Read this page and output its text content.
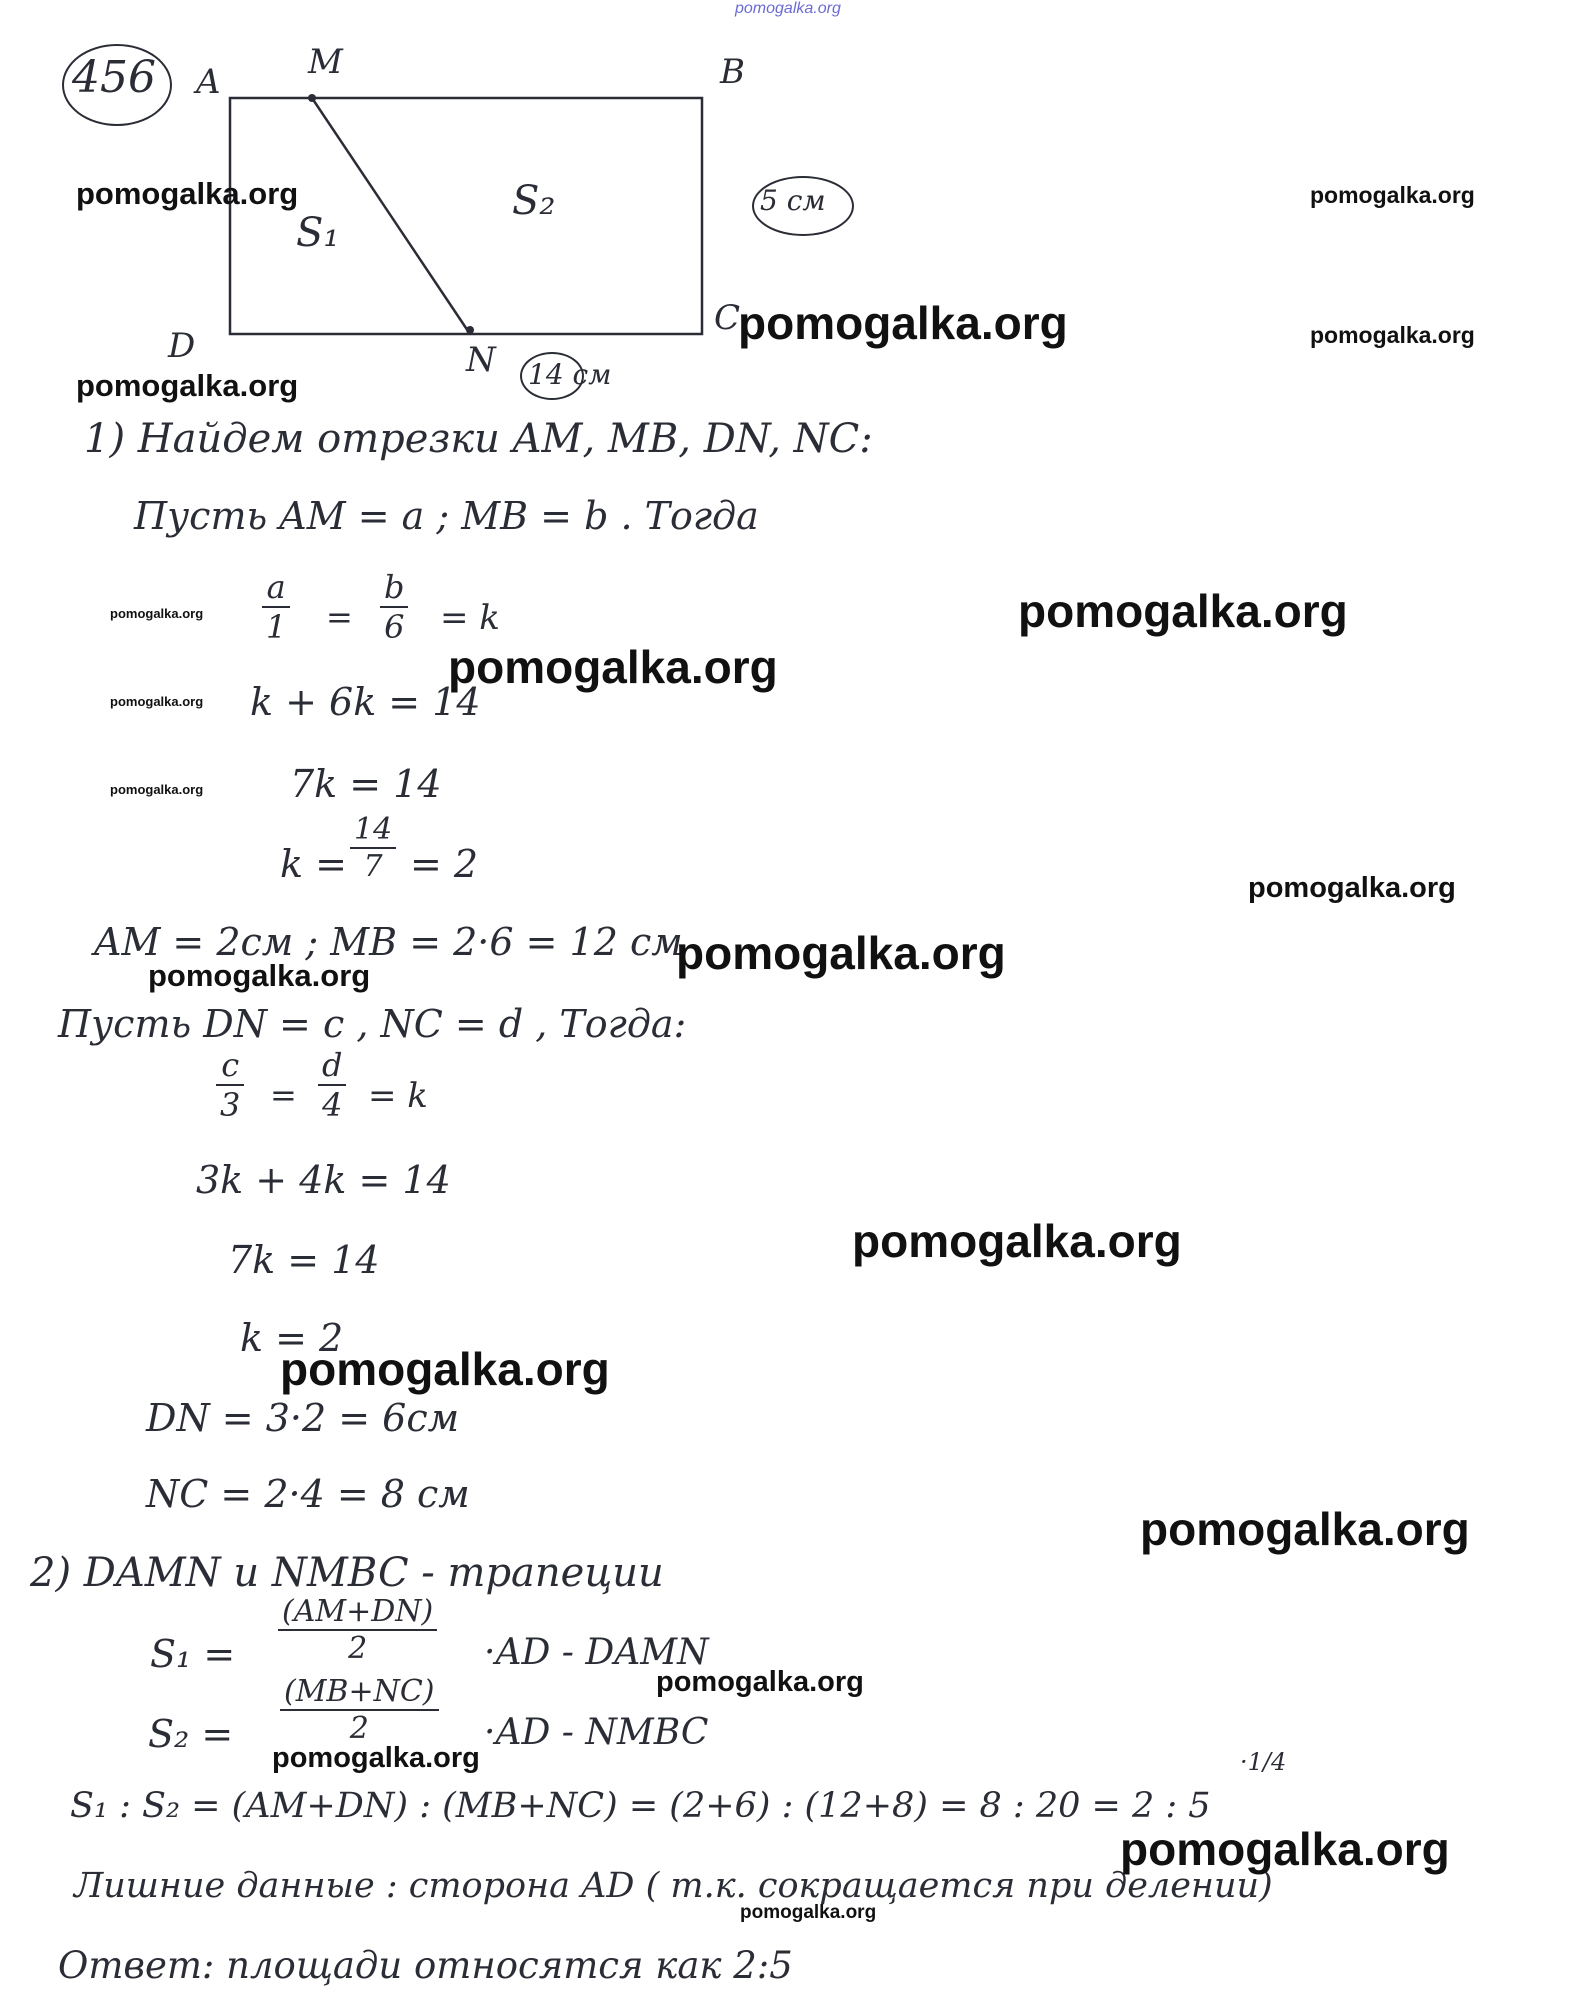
pomogalka.org
456 A	M	B
C
D	N
S₁
S₂	5 см
14 см
1) Найдем отрезки AM, MB, DN, NC:
Пусть AM = a ; MB = b . Тогда
$\frac{a}{1} = \frac{b}{6} = k$
k + 6k = 14
7k = 14
$k = \frac{14}{7} = 2$
AM = 2см ; MB = 2·6 = 12 см
Пусть DN = c , NC = d , Тогда:
$\frac{c}{3} = \frac{d}{4} = k$
3k + 4k = 14
7k = 14
k = 2
DN = 3·2 = 6см
NC = 2·4 = 8 см
2) DAMN и NMBC - трапеции
$S_1 = \frac{(AM+DN)}{2} \cdot AD$ - DAMN
$S_2 = \frac{(MB+NC)}{2} \cdot AD$ - NMBC
·1/4
S₁ : S₂ = (AM+DN) : (MB+NC) = (2+6) : (12+8) = 8 : 20 = 2 : 5
Лишние данные : сторона AD ( т.к. сокращается при делении)
Ответ: площади относятся как 2:5
pomogalka.org	pomogalka.org
pomogalka.org	pomogalka.org
pomogalka.org
pomogalka.org
pomogalka.org
pomogalka.org
pomogalka.org
pomogalka.org
pomogalka.org
pomogalka.org
pomogalka.org
pomogalka.org
pomogalka.org
pomogalka.org
pomogalka.org
pomogalka.org
pomogalka.org
pomogalka.org
